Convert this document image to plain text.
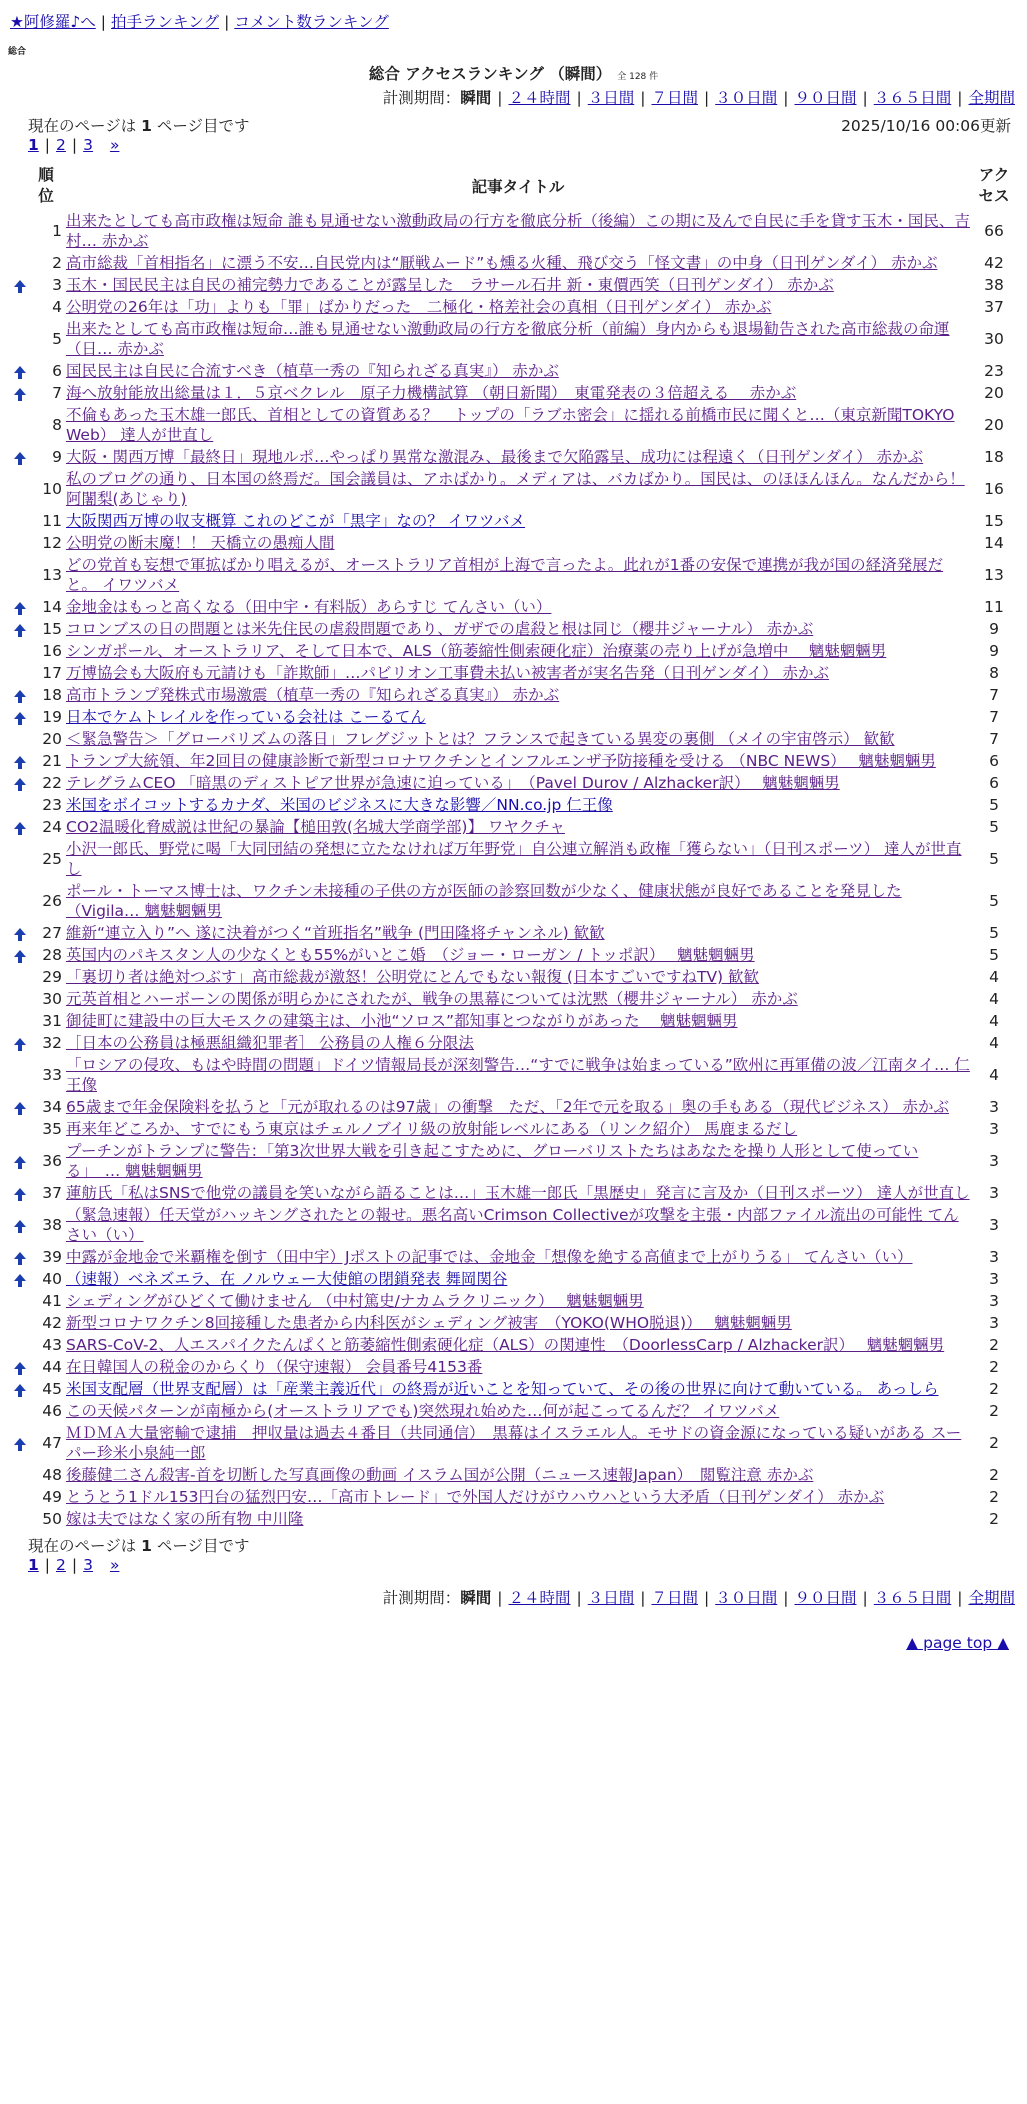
★阿修羅♪へ | 拍手ランキング | コメント数ランキング
総合
総合 アクセスランキング （瞬間） 全 128 件
計測期間：瞬間 | ２４時間 | ３日間 | ７日間 | ３０日間 | ９０日間 | ３６５日間 | 全期間
現在のページは 1 ページ目です	2025/10/16 00:06更新
1 | 2 | 3 »
	順位	記事タイトル	アクセス
	1	出来たとしても高市政権は短命 誰も見通せない激動政局の行方を徹底分析（後編）この期に及んで自民に手を貸す玉木・国民、吉村… 赤かぶ	66
	2	高市総裁「首相指名」に漂う不安…自民党内は“厭戦ムード”も燻る火種、飛び交う「怪文書」の中身（日刊ゲンダイ） 赤かぶ	42
	3	玉木・国民民主は自民の補完勢力であることが露呈した　ラサール石井 新・東價西笑（日刊ゲンダイ） 赤かぶ	38
	4	公明党の26年は「功」よりも「罪」ばかりだった　二極化・格差社会の真相（日刊ゲンダイ） 赤かぶ	37
	5	出来たとしても高市政権は短命…誰も見通せない激動政局の行方を徹底分析（前編）身内からも退場勧告された高市総裁の命運（日… 赤かぶ	30
	6	国民民主は自民に合流すべき（植草一秀の『知られざる真実』） 赤かぶ	23
	7	海へ放射能放出総量は１．５京ベクレル　原子力機構試算 （朝日新聞）　東電発表の３倍超える　 赤かぶ	20
	8	不倫もあった玉木雄一郎氏、首相としての資質ある？　トップの「ラブホ密会」に揺れる前橋市民に聞くと…（東京新聞TOKYO Web） 達人が世直し	20
	9	大阪・関西万博「最終日」現地ルポ…やっぱり異常な激混み、最後まで欠陥露呈、成功には程遠く（日刊ゲンダイ） 赤かぶ	18
	10	私のブログの通り、日本国の終焉だ。国会議員は、アホばかり。メディアは、バカばかり。国民は、のほほんほん。なんだから！ 阿闍梨(あじゃり)	16
	11	大阪関西万博の収支概算 これのどこが「黒字」なの？ イワツバメ	15
	12	公明党の断末魔！！ 天橋立の愚痴人間	14
	13	どの党首も妄想で軍拡ばかり唱えるが、オーストラリア首相が上海で言ったよ。此れが1番の安保で連携が我が国の経済発展だと。 イワツバメ	13
	14	金地金はもっと高くなる（田中宇・有料版）あらすじ てんさい（い）	11
	15	コロンブスの日の問題とは米先住民の虐殺問題であり、ガザでの虐殺と根は同じ（櫻井ジャーナル） 赤かぶ	9
	16	シンガポール、オーストラリア、そして日本で、ALS（筋萎縮性側索硬化症）治療薬の売り上げが急増中　 魑魅魍魎男	9
	17	万博協会も大阪府も元請けも「詐欺師」…パビリオン工事費未払い被害者が実名告発（日刊ゲンダイ） 赤かぶ	8
	18	高市トランプ発株式市場激震（植草一秀の『知られざる真実』） 赤かぶ	7
	19	日本でケムトレイルを作っている会社は こーるてん	7
	20	＜緊急警告＞「グローバリズムの落日」フレグジットとは？フランスで起きている異変の裏側 （メイの宇宙啓示） 歓歓	7
	21	トランプ大統領、年2回目の健康診断で新型コロナワクチンとインフルエンザ予防接種を受ける （NBC NEWS）　 魑魅魍魎男	6
	22	テレグラムCEO 「暗黒のディストピア世界が急速に迫っている」　（Pavel Durov / Alzhacker訳）　 魑魅魍魎男	6
	23	米国をボイコットするカナダ、米国のビジネスに大きな影響／NN.co.jp 仁王像	5
	24	CO2温暖化脅威説は世紀の暴論【槌田敦(名城大学商学部)】 ワヤクチャ	5
	25	小沢一郎氏、野党に喝「大同団結の発想に立たなければ万年野党」自公連立解消も政権「獲らない」（日刊スポーツ） 達人が世直し	5
	26	ポール・トーマス博士は、ワクチン未接種の子供の方が医師の診察回数が少なく、健康状態が良好であることを発見した（Vigila… 魑魅魍魎男	5
	27	維新“連立入り”へ 遂に決着がつく“首班指名”戦争 (門田隆将チャンネル) 歓歓	5
	28	英国内のパキスタン人の少なくとも55%がいとこ婚　（ジョー・ローガン / トッポ訳）　 魑魅魍魎男	5
	29	「裏切り者は絶対つぶす」高市総裁が激怒！公明党にとんでもない報復 (日本すごいですねTV) 歓歓	4
	30	元英首相とハーボーンの関係が明らかにされたが、戦争の黒幕については沈黙（櫻井ジャーナル） 赤かぶ	4
	31	御徒町に建設中の巨大モスクの建築主は、小池“ソロス”都知事とつながりがあった　 魑魅魍魎男	4
	32	［日本の公務員は極悪組織犯罪者］ 公務員の人権６分限法	4
	33	「ロシアの侵攻、もはや時間の問題」ドイツ情報局長が深刻警告…“すでに戦争は始まっている”欧州に再軍備の波／江南タイ… 仁王像	4
	34	65歳まで年金保険料を払うと「元が取れるのは97歳」の衝撃　ただ、「2年で元を取る」奥の手もある（現代ビジネス） 赤かぶ	3
	35	再来年どころか、すでにもう東京はチェルノブイリ級の放射能レベルにある（リンク紹介） 馬鹿まるだし	3
	36	プーチンがトランプに警告：「第3次世界大戦を引き起こすために、グローバリストたちはあなたを操り人形として使っている」　… 魑魅魍魎男	3
	37	蓮舫氏「私はSNSで他党の議員を笑いながら語ることは…」玉木雄一郎氏「黒歴史」発言に言及か（日刊スポーツ） 達人が世直し	3
	38	（緊急速報）任天堂がハッキングされたとの報せ。悪名高いCrimson Collectiveが攻撃を主張・内部ファイル流出の可能性 てんさい（い）	3
	39	中露が金地金で米覇権を倒す（田中宇）Jポストの記事では、金地金「想像を絶する高値まで上がりうる」 てんさい（い）	3
	40	（速報）ベネズエラ、在 ノルウェー大使館の閉鎖発表 舞岡関谷	3
	41	シェディングがひどくて働けません （中村篤史/ナカムラクリニック）　 魑魅魍魎男	3
	42	新型コロナワクチン8回接種した患者から内科医がシェディング被害　（YOKO(WHO脱退)）　 魑魅魍魎男	3
	43	SARS-CoV-2、人エスパイクたんぱくと筋萎縮性側索硬化症（ALS）の関連性　（DoorlessCarp / Alzhacker訳）　 魑魅魍魎男	2
	44	在日韓国人の税金のからくり（保守速報） 会員番号4153番	2
	45	米国支配層（世界支配層）は「産業主義近代」の終焉が近いことを知っていて、その後の世界に向けて動いている。 あっしら	2
	46	この天候パターンが南極から(オーストラリアでも)突然現れ始めた…何が起こってるんだ？ イワツバメ	2
	47	ＭＤＭＡ大量密輸で逮捕　押収量は過去４番目（共同通信）　黒幕はイスラエル人。モサドの資金源になっている疑いがある スーパー珍米小泉純一郎	2
	48	後藤健二さん殺害-首を切断した写真画像の動画 イスラム国が公開（ニュース速報Japan）　閲覧注意 赤かぶ	2
	49	とうとう1ドル153円台の猛烈円安…「高市トレード」で外国人だけがウハウハという大矛盾（日刊ゲンダイ） 赤かぶ	2
	50	嫁は夫ではなく家の所有物 中川隆	2
現在のページは 1 ページ目です
1 | 2 | 3 »
計測期間：瞬間 | ２４時間 | ３日間 | ７日間 | ３０日間 | ９０日間 | ３６５日間 | 全期間
▲ page top ▲
